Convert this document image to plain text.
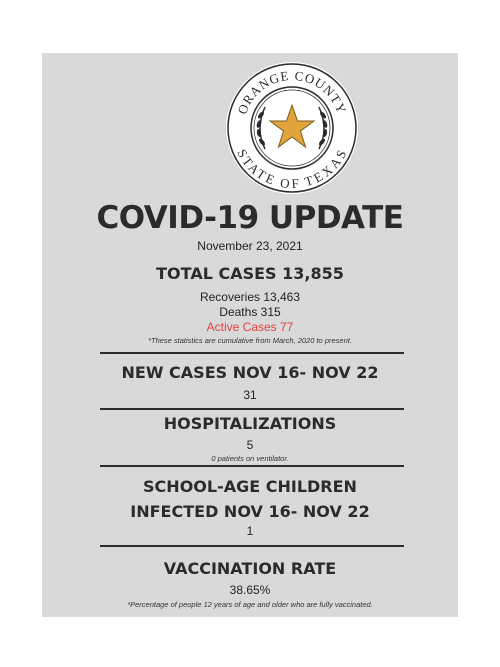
ORANGE COUNTY
STATE OF TEXAS
COVID-19 UPDATE
November 23, 2021
TOTAL CASES 13,855
Recoveries 13,463
Deaths 315
Active Cases 77
*These statistics are cumulative from March, 2020 to present.
NEW CASES NOV 16- NOV 22
31
HOSPITALIZATIONS
5
0 patients on ventilator.
SCHOOL-AGE CHILDREN
INFECTED NOV 16- NOV 22
1
VACCINATION RATE
38.65%
*Percentage of people 12 years of age and older who are fully vaccinated.
